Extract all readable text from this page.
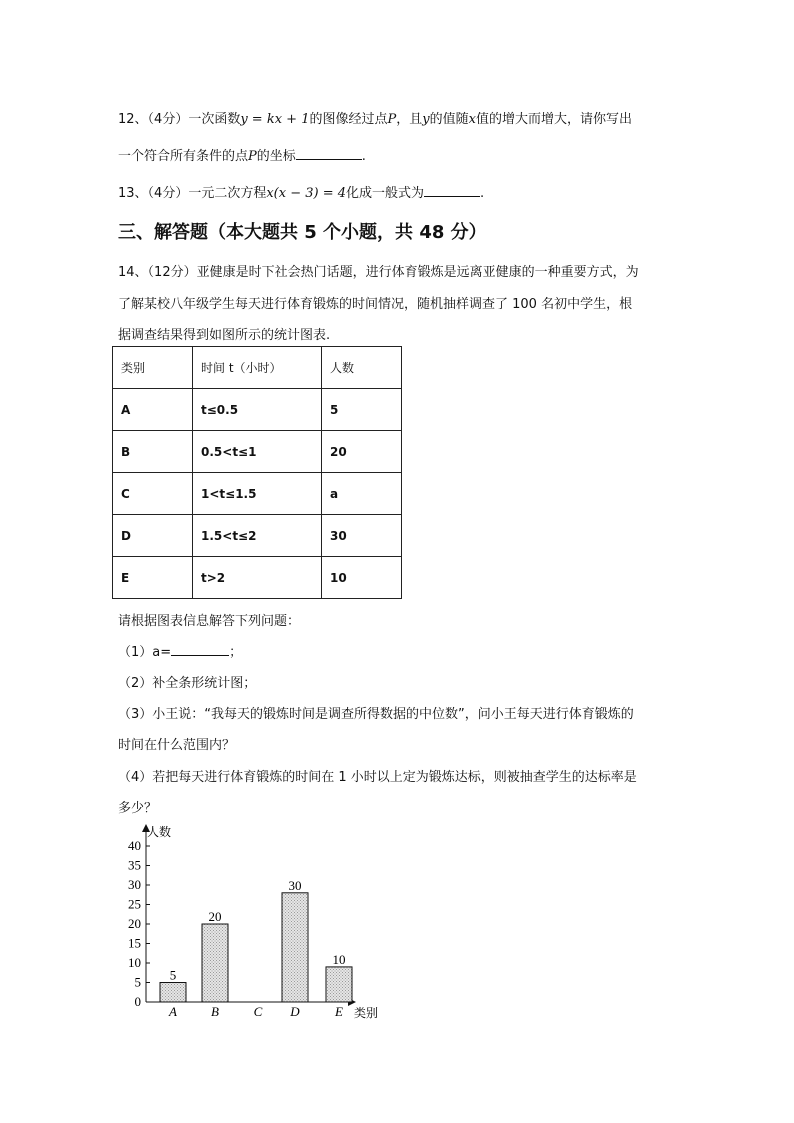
12、（4分）一次函数y = kx + 1的图像经过点P，且y的值随x值的增大而增大，请你写出
一个符合所有条件的点P的坐标	.
13、（4分）一元二次方程x(x − 3) = 4化成一般式为	.
三、解答题（本大题共 5 个小题，共 48 分）
14、（12分）亚健康是时下社会热门话题，进行体育锻炼是远离亚健康的一种重要方式，为
了解某校八年级学生每天进行体育锻炼的时间情况，随机抽样调查了 100 名初中学生，根
据调查结果得到如图所示的统计图表.
类别	时间 t（小时）	人数
A	t≤0.5	5
B	0.5<t≤1	20
C	1<t≤1.5	a
D	1.5<t≤2	30
E	t>2	10
请根据图表信息解答下列问题：
（1）a=	；
（2）补全条形统计图；
（3）小王说：“我每天的锻炼时间是调查所得数据的中位数”，问小王每天进行体育锻炼的
时间在什么范围内？
（4）若把每天进行体育锻炼的时间在 1 小时以上定为锻炼达标，则被抽查学生的达标率是
多少？
人数
类别
0
5
10
15
20
25
30
35
40
A
5
B
20
C D
30
E
10
